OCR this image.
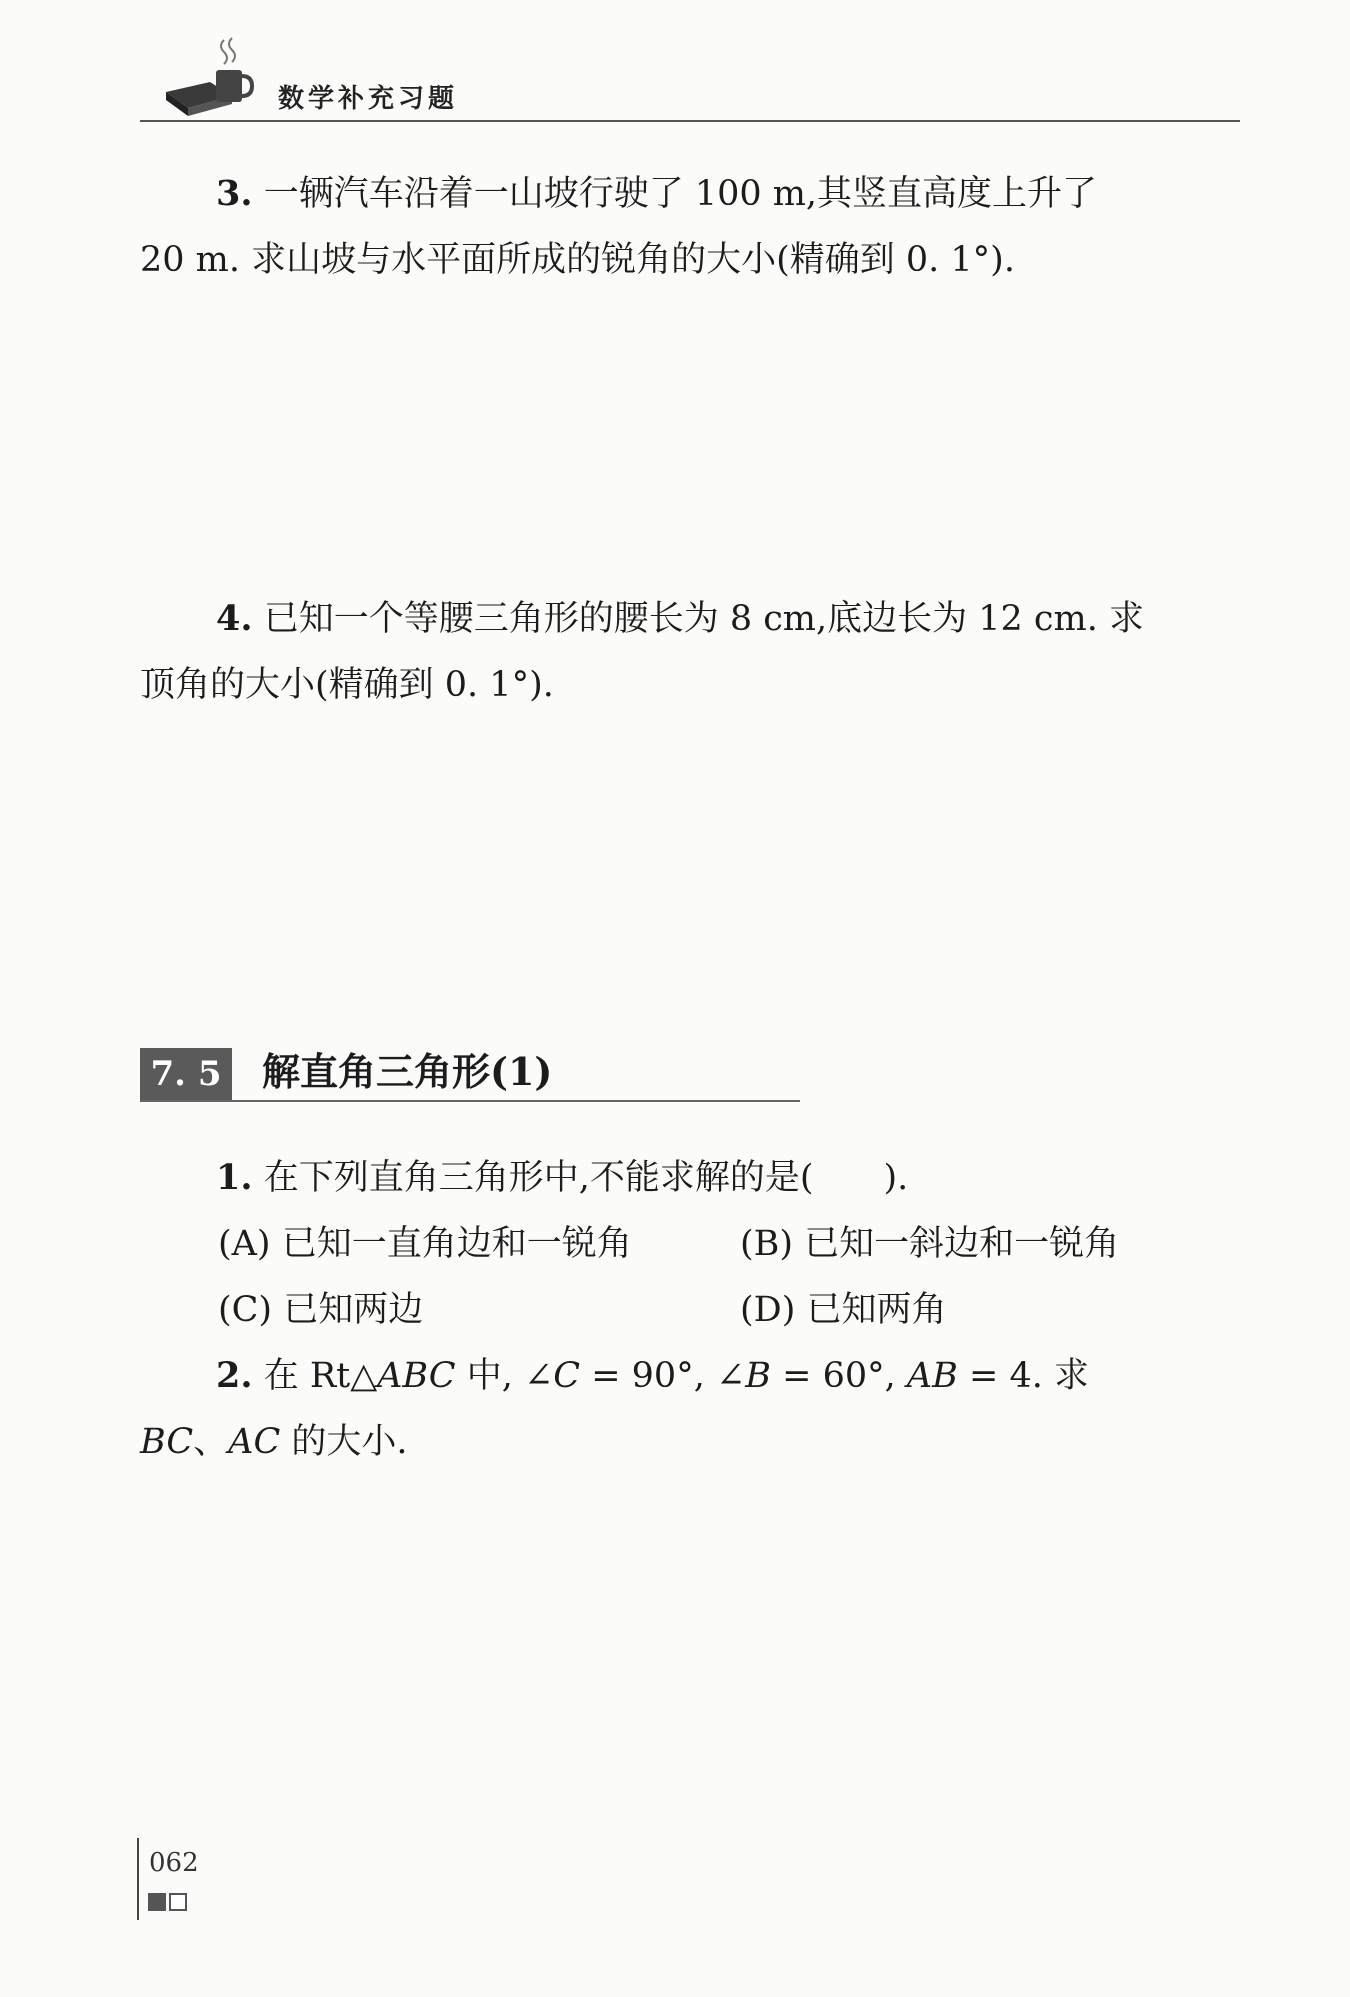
数学补充习题
3. 一辆汽车沿着一山坡行驶了 100 m,其竖直高度上升了
20 m. 求山坡与水平面所成的锐角的大小(精确到 0. 1°).
4. 已知一个等腰三角形的腰长为 8 cm,底边长为 12 cm. 求
顶角的大小(精确到 0. 1°).
7. 5 解直角三角形(1)
1. 在下列直角三角形中,不能求解的是(　　).
(A) 已知一直角边和一锐角	(B) 已知一斜边和一锐角
(C) 已知两边	(D) 已知两角
2. 在 Rt△ABC 中, ∠C = 90°, ∠B = 60°, AB = 4. 求
BC、AC 的大小.
062
